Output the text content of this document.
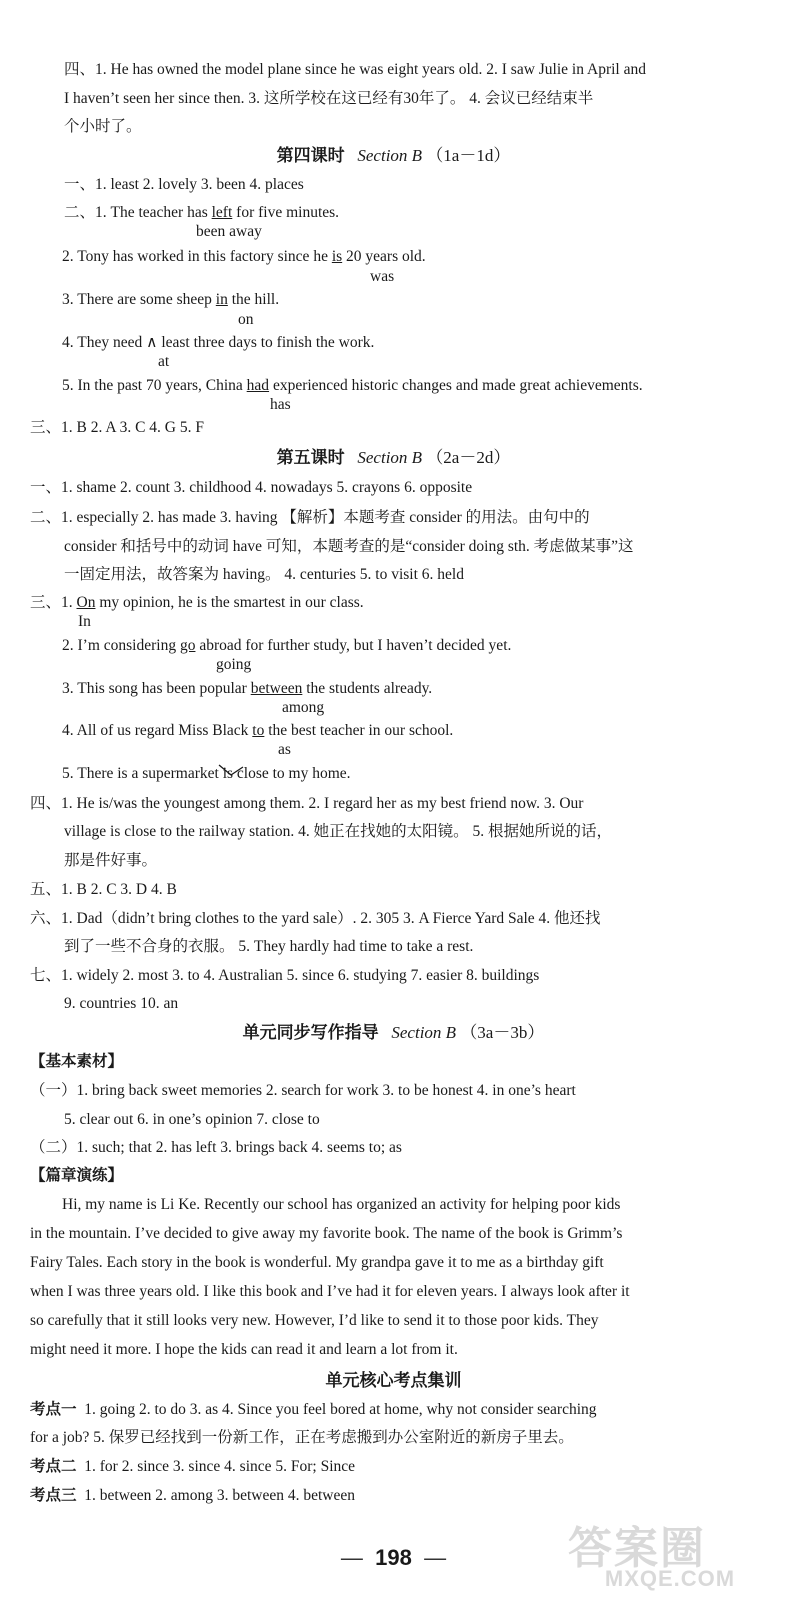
四、1. He has owned the model plane since he was eight years old. 2. I saw Julie in April and
I haven’t seen her since then. 3. 这所学校在这已经有30年了。 4. 会议已经结束半
个小时了。
第四课时 Section B （1a－1d）
一、1. least 2. lovely 3. been 4. places
二、1. The teacher has left for five minutes.
been away
2. Tony has worked in this factory since he is 20 years old.
was
3. There are some sheep in the hill.
on
4. They need ∧ least three days to finish the work.
at
5. In the past 70 years, China had experienced historic changes and made great achievements.
has
三、1. B 2. A 3. C 4. G 5. F
第五课时 Section B （2a－2d）
一、1. shame 2. count 3. childhood 4. nowadays 5. crayons 6. opposite
二、1. especially 2. has made 3. having 【解析】本题考查 consider 的用法。由句中的
consider 和括号中的动词 have 可知，本题考查的是“consider doing sth. 考虑做某事”这
一固定用法，故答案为 having。 4. centuries 5. to visit 6. held
三、1. On my opinion, he is the smartest in our class.
In
2. I’m considering go abroad for further study, but I haven’t decided yet.
going
3. This song has been popular between the students already.
among
4. All of us regard Miss Black to the best teacher in our school.
as
5. There is a supermarket is
close to my home.
四、1. He is/was the youngest among them. 2. I regard her as my best friend now. 3. Our
village is close to the railway station. 4. 她正在找她的太阳镜。 5. 根据她所说的话，
那是件好事。
五、1. B 2. C 3. D 4. B
六、1. Dad（didn’t bring clothes to the yard sale）. 2. 305 3. A Fierce Yard Sale 4. 他还找
到了一些不合身的衣服。 5. They hardly had time to take a rest.
七、1. widely 2. most 3. to 4. Australian 5. since 6. studying 7. easier 8. buildings
9. countries 10. an
单元同步写作指导 Section B （3a－3b）
【基本素材】
（一）1. bring back sweet memories 2. search for work 3. to be honest 4. in one’s heart
5. clear out 6. in one’s opinion 7. close to
（二）1. such; that 2. has left 3. brings back 4. seems to; as
【篇章演练】
Hi, my name is Li Ke. Recently our school has organized an activity for helping poor kids
in the mountain. I’ve decided to give away my favorite book. The name of the book is Grimm’s
Fairy Tales. Each story in the book is wonderful. My grandpa gave it to me as a birthday gift
when I was three years old. I like this book and I’ve had it for eleven years. I always look after it
so carefully that it still looks very new. However, I’d like to send it to those poor kids. They
might need it more. I hope the kids can read it and learn a lot from it.
单元核心考点集训
考点一 1. going 2. to do 3. as 4. Since you feel bored at home, why not consider searching
for a job? 5. 保罗已经找到一份新工作，正在考虑搬到办公室附近的新房子里去。
考点二 1. for 2. since 3. since 4. since 5. For; Since
考点三 1. between 2. among 3. between 4. between
— 198 —	答案圈
MXQE.COM
